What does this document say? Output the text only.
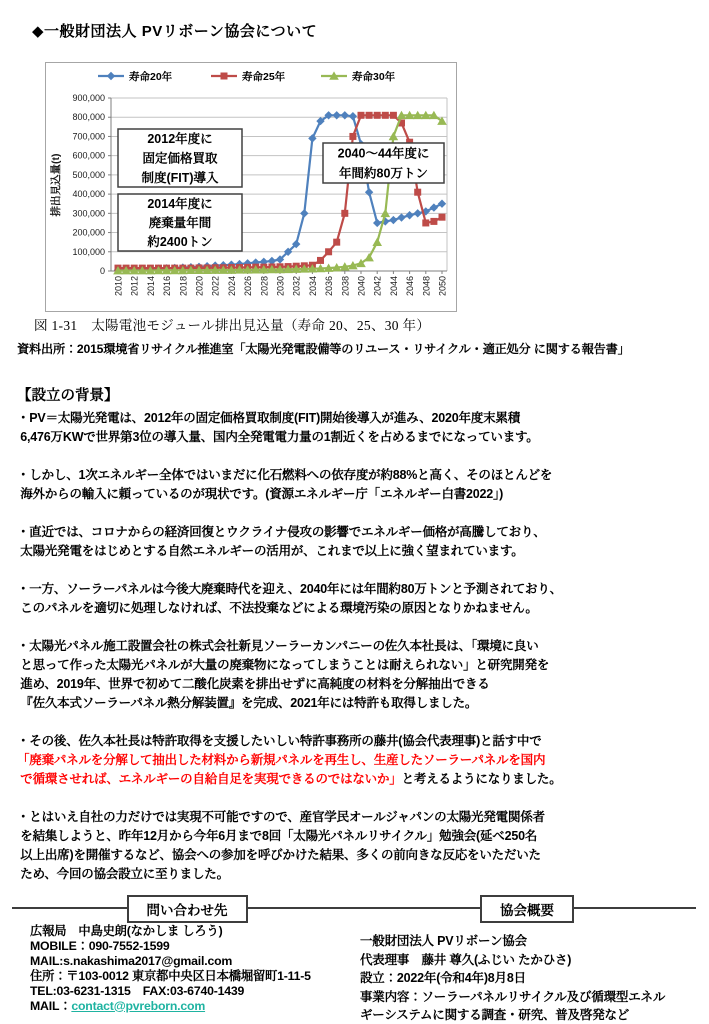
◆一般財団法人 PVリボーン協会について
0
100,000
200,000
300,000
400,000
500,000
600,000
700,000
800,000
900,000
排出見込量(t)
2010 2012 2014 2016 2018 2020 2022 2024 2026 2028 2030 2032 2034 2036 2038 2040 2042 2044 2046 2048 2050
寿命20年	寿命25年	寿命30年
2012年度に
固定価格買取
制度(FIT)導入
2014年度に
廃棄量年間
約2400トン
2040～44年度に
年間約80万トン
図 1-31　太陽電池モジュール排出見込量（寿命 20、25、30 年）
資料出所：2015環境省リサイクル推進室「太陽光発電設備等のリユース・リサイクル・適正処分 に関する報告書」
【設立の背景】
・PV＝太陽光発電は、2012年の固定価格買取制度(FIT)開始後導入が進み、2020年度末累積
6,476万KWで世界第3位の導入量、国内全発電電力量の1割近くを占めるまでになっています。
・しかし、1次エネルギー全体ではいまだに化石燃料への依存度が約88%と高く、そのほとんどを
海外からの輸入に頼っているのが現状です。(資源エネルギー庁「エネルギー白書2022」)
・直近では、コロナからの経済回復とウクライナ侵攻の影響でエネルギー価格が高騰しており、
太陽光発電をはじめとする自然エネルギーの活用が、これまで以上に強く望まれています。
・一方、ソーラーパネルは今後大廃棄時代を迎え、2040年には年間約80万トンと予測されており、
このパネルを適切に処理しなければ、不法投棄などによる環境汚染の原因となりかねません。
・太陽光パネル施工設置会社の株式会社新見ソーラーカンパニーの佐久本社長は、「環境に良い
と思って作った太陽光パネルが大量の廃棄物になってしまうことは耐えられない」と研究開発を
進め、2019年、世界で初めて二酸化炭素を排出せずに高純度の材料を分解抽出できる
『佐久本式ソーラーパネル熱分解装置』を完成、2021年には特許も取得しました。
・その後、佐久本社長は特許取得を支援したいしい特許事務所の藤井(協会代表理事)と話す中で
「廃棄パネルを分解して抽出した材料から新規パネルを再生し、生産したソーラーパネルを国内
で循環させれば、エネルギーの自給自足を実現できるのではないか」と考えるようになりました。
・とはいえ自社の力だけでは実現不可能ですので、産官学民オールジャパンの太陽光発電関係者
を結集しようと、昨年12月から今年6月まで8回「太陽光パネルリサイクル」勉強会(延べ250名
以上出席)を開催するなど、協会への参加を呼びかけた結果、多くの前向きな反応をいただいた
ため、今回の協会設立に至りました。
問い合わせ先	協会概要
広報局　中島史朗(なかしま しろう)
MOBILE：090-7552-1599
MAIL:s.nakashima2017@gmail.com
住所：〒103-0012 東京都中央区日本橋堀留町1-11-5
TEL:03-6231-1315　FAX:03-6740-1439
MAIL：contact@pvreborn.com
一般財団法人 PVリボーン協会
代表理事　藤井 尊久(ふじい たかひさ)
設立：2022年(令和4年)8月8日
事業内容：ソーラーパネルリサイクル及び循環型エネル
ギーシステムに関する調査・研究、普及啓発など
